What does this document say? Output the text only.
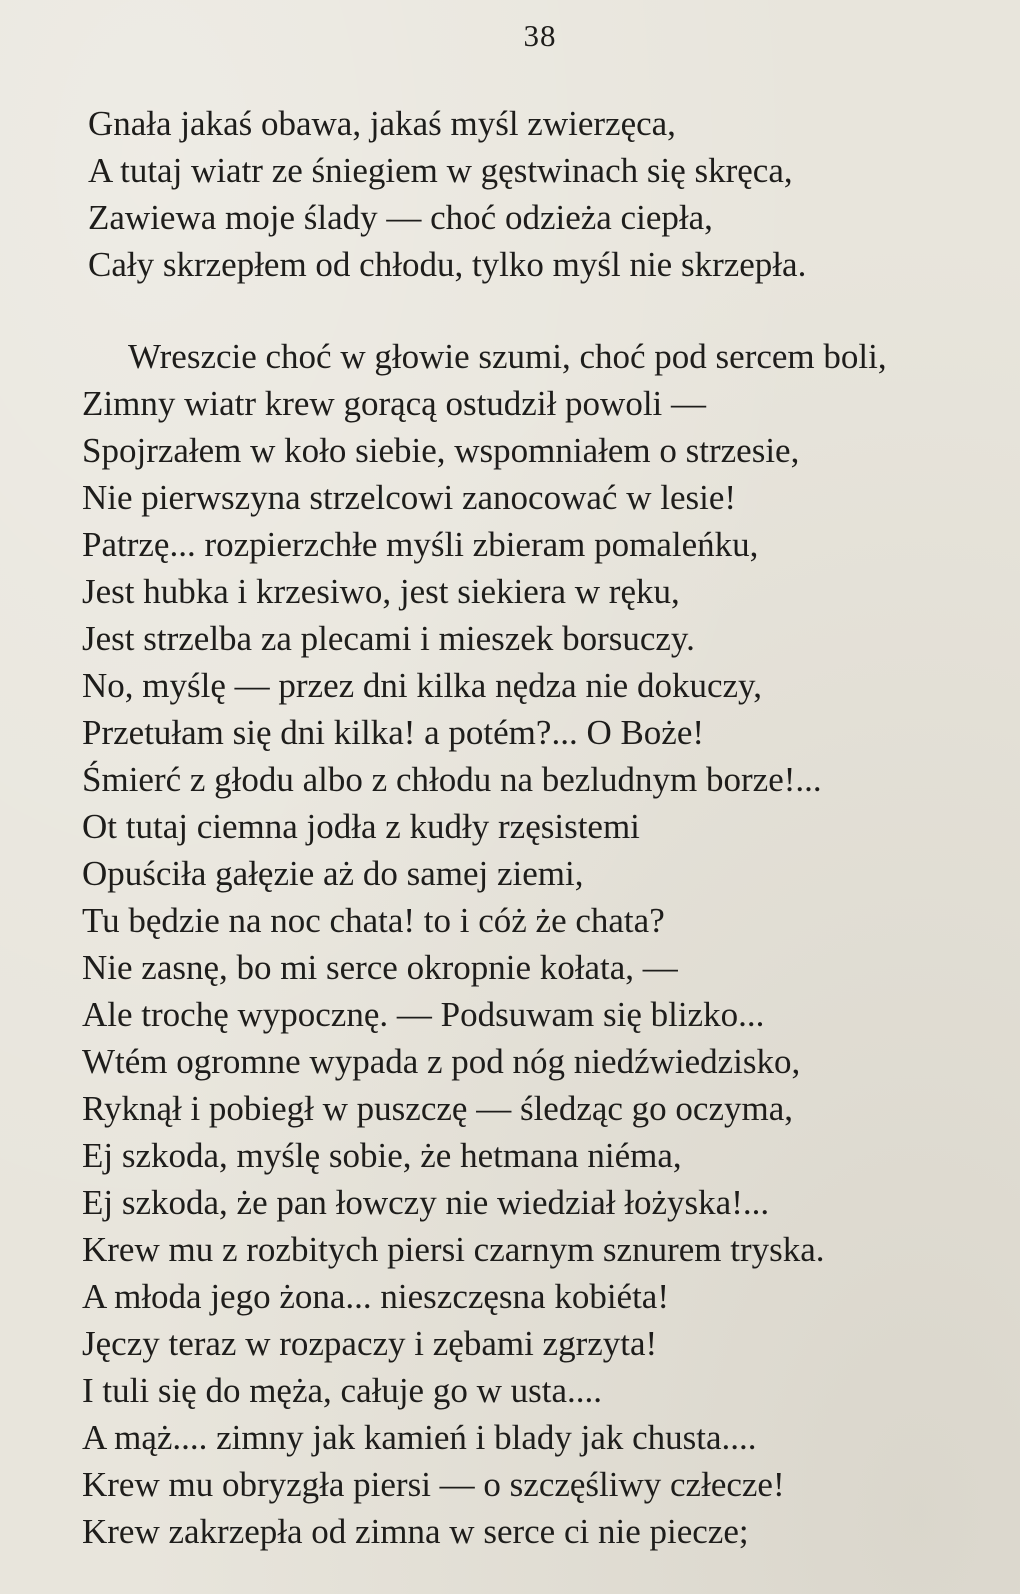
38
Gnała jakaś obawa, jakaś myśl zwierzęca,
A tutaj wiatr ze śniegiem w gęstwinach się skręca,
Zawiewa moje ślady — choć odzieża ciepła,
Cały skrzepłem od chłodu, tylko myśl nie skrzepła.
Wreszcie choć w głowie szumi, choć pod sercem boli,
Zimny wiatr krew gorącą ostudził powoli —
Spojrzałem w koło siebie, wspomniałem o strzesie,
Nie pierwszyna strzelcowi zanocować w lesie!
Patrzę... rozpierzchłe myśli zbieram pomaleńku,
Jest hubka i krzesiwo, jest siekiera w ręku,
Jest strzelba za plecami i mieszek borsuczy.
No, myślę — przez dni kilka nędza nie dokuczy,
Przetułam się dni kilka! a potém?... O Boże!
Śmierć z głodu albo z chłodu na bezludnym borze!...
Ot tutaj ciemna jodła z kudły rzęsistemi
Opuściła gałęzie aż do samej ziemi,
Tu będzie na noc chata! to i cóż że chata?
Nie zasnę, bo mi serce okropnie kołata, —
Ale trochę wypocznę. — Podsuwam się blizko...
Wtém ogromne wypada z pod nóg niedźwiedzisko,
Ryknął i pobiegł w puszczę — śledząc go oczyma,
Ej szkoda, myślę sobie, że hetmana niéma,
Ej szkoda, że pan łowczy nie wiedział łożyska!...
Krew mu z rozbitych piersi czarnym sznurem tryska.
A młoda jego żona... nieszczęsna kobiéta!
Jęczy teraz w rozpaczy i zębami zgrzyta!
I tuli się do męża, całuje go w usta....
A mąż.... zimny jak kamień i blady jak chusta....
Krew mu obryzgła piersi — o szczęśliwy człecze!
Krew zakrzepła od zimna w serce ci nie piecze;
